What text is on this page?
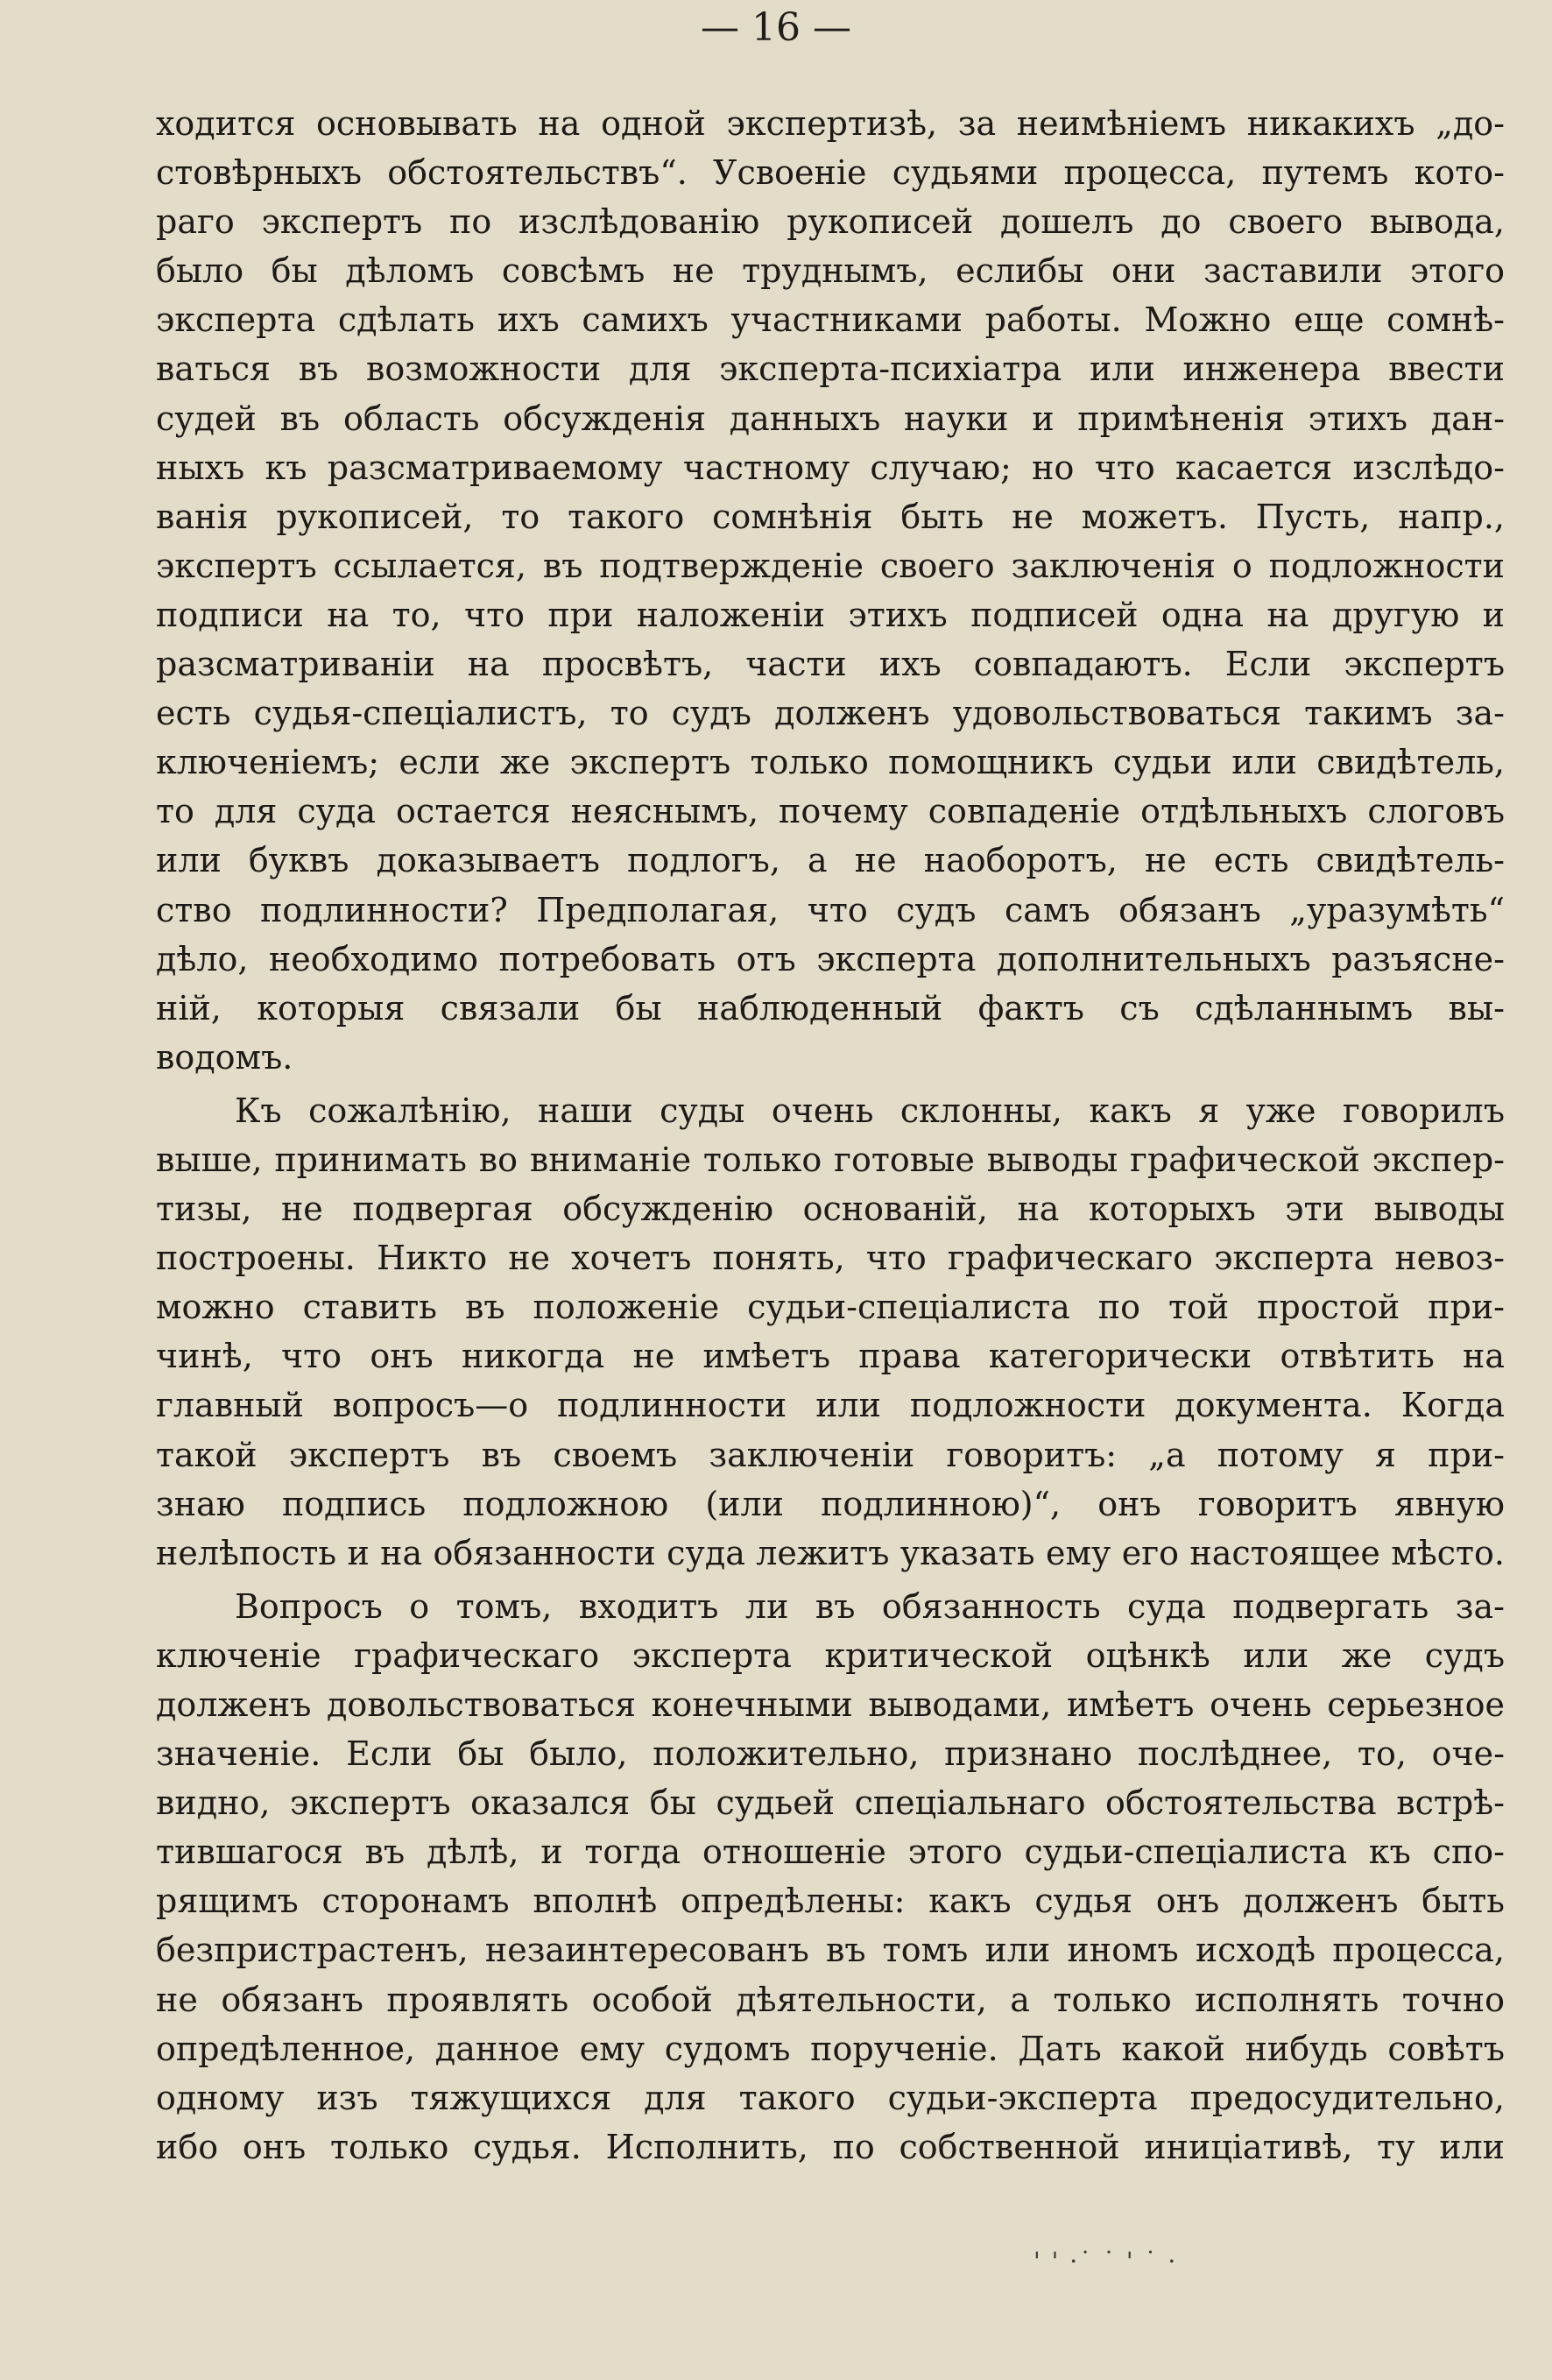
— 16 —
ходится основывать на одной экспертизѣ, за неимѣніемъ никакихъ „до-
стовѣрныхъ обстоятельствъ“. Усвоеніе судьями процесса, путемъ кото-
раго экспертъ по изслѣдованію рукописей дошелъ до своего вывода,
было бы дѣломъ совсѣмъ не труднымъ, еслибы они заставили этого
эксперта сдѣлать ихъ самихъ участниками работы. Можно еще сомнѣ-
ваться въ возможности для эксперта-психіатра или инженера ввести
судей въ область обсужденія данныхъ науки и примѣненія этихъ дан-
ныхъ къ разсматриваемому частному случаю; но что касается изслѣдо-
ванія рукописей, то такого сомнѣнія быть не можетъ. Пусть, напр.,
экспертъ ссылается, въ подтвержденіе своего заключенія о подложности
подписи на то, что при наложеніи этихъ подписей одна на другую и
разсматриваніи на просвѣтъ, части ихъ совпадаютъ. Если экспертъ
есть судья-спеціалистъ, то судъ долженъ удовольствоваться такимъ за-
ключеніемъ; если же экспертъ только помощникъ судьи или свидѣтель,
то для суда остается неяснымъ, почему совпаденіе отдѣльныхъ слоговъ
или буквъ доказываетъ подлогъ, а не наоборотъ, не есть свидѣтель-
ство подлинности? Предполагая, что судъ самъ обязанъ „уразумѣть“
дѣло, необходимо потребовать отъ эксперта дополнительныхъ разъясне-
ній, которыя связали бы наблюденный фактъ съ сдѣланнымъ вы-
водомъ.
Къ сожалѣнію, наши суды очень склонны, какъ я уже говорилъ
выше, принимать во вниманіе только готовые выводы графической экспер-
тизы, не подвергая обсужденію основаній, на которыхъ эти выводы
построены. Никто не хочетъ понять, что графическаго эксперта невоз-
можно ставить въ положеніе судьи-спеціалиста по той простой при-
чинѣ, что онъ никогда не имѣетъ права категорически отвѣтить на
главный вопросъ—о подлинности или подложности документа. Когда
такой экспертъ въ своемъ заключеніи говоритъ: „а потому я при-
знаю подпись подложною (или подлинною)“, онъ говоритъ явную
нелѣпость и на обязанности суда лежитъ указать ему его настоящее мѣсто.
Вопросъ о томъ, входитъ ли въ обязанность суда подвергать за-
ключеніе графическаго эксперта критической оцѣнкѣ или же судъ
долженъ довольствоваться конечными выводами, имѣетъ очень серьезное
значеніе. Если бы было, положительно, признано послѣднее, то, оче-
видно, экспертъ оказался бы судьей спеціальнаго обстоятельства встрѣ-
тившагося въ дѣлѣ, и тогда отношеніе этого судьи-спеціалиста къ спо-
рящимъ сторонамъ вполнѣ опредѣлены: какъ судья онъ долженъ быть
безпристрастенъ, незаинтересованъ въ томъ или иномъ исходѣ процесса,
не обязанъ проявлять особой дѣятельности, а только исполнять точно
опредѣленное, данное ему судомъ порученіе. Дать какой нибудь совѣтъ
одному изъ тяжущихся для такого судьи-эксперта предосудительно,
ибо онъ только судья. Исполнить, по собственной иниціативѣ, ту или
' ' ·˙ ˙ ' ˙ ·
